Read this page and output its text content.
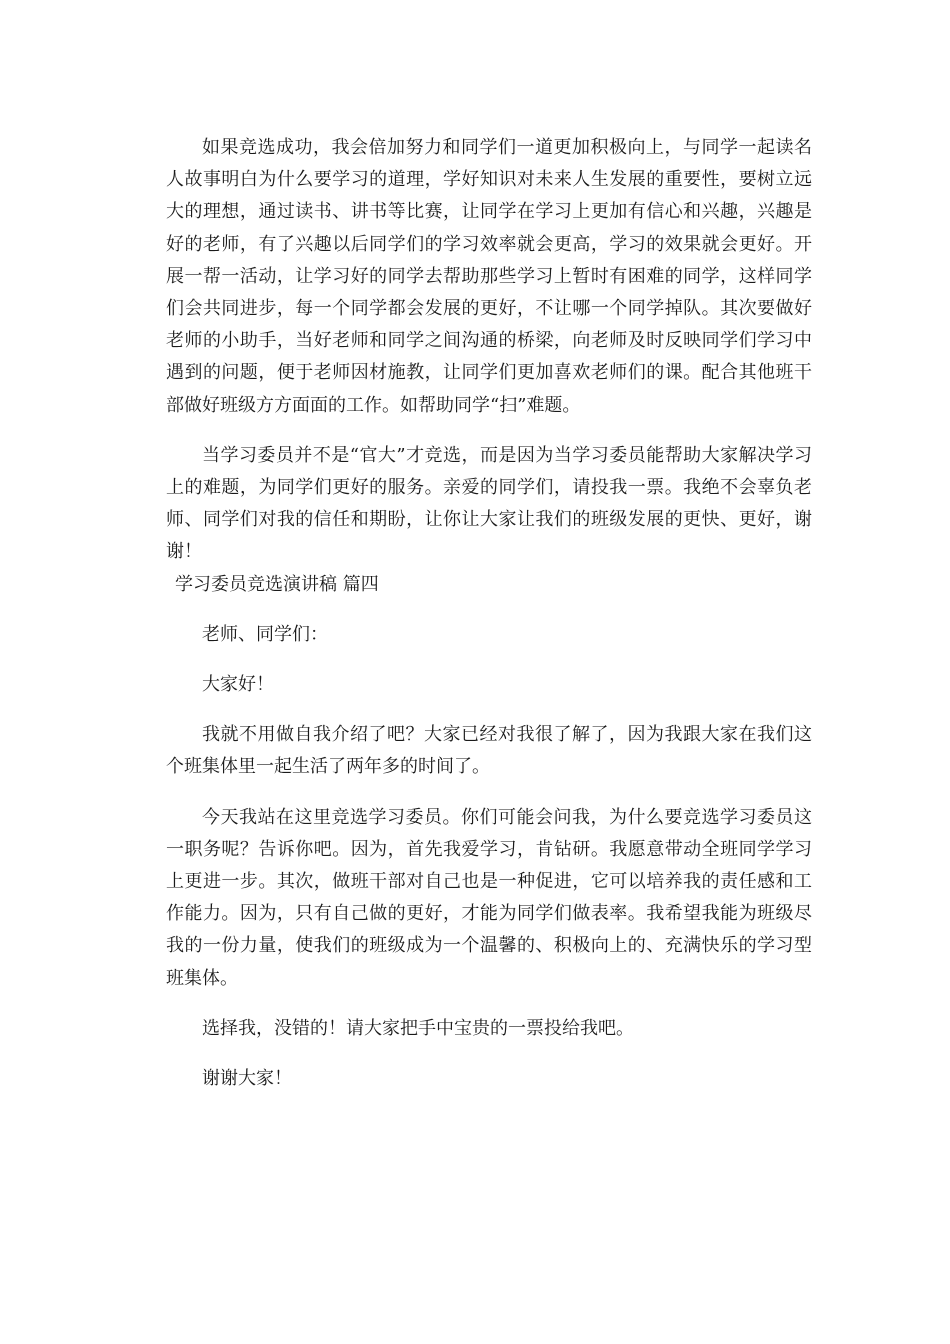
如果竞选成功，我会倍加努力和同学们一道更加积极向上，与同学一起读名人故事明白为什么要学习的道理，学好知识对未来人生发展的重要性，要树立远大的理想，通过读书、讲书等比赛，让同学在学习上更加有信心和兴趣，兴趣是好的老师，有了兴趣以后同学们的学习效率就会更高，学习的效果就会更好。开展一帮一活动，让学习好的同学去帮助那些学习上暂时有困难的同学，这样同学们会共同进步，每一个同学都会发展的更好，不让哪一个同学掉队。其次要做好老师的小助手，当好老师和同学之间沟通的桥梁，向老师及时反映同学们学习中遇到的问题，便于老师因材施教，让同学们更加喜欢老师们的课。配合其他班干部做好班级方方面面的工作。如帮助同学“扫”难题。

当学习委员并不是“官大”才竞选，而是因为当学习委员能帮助大家解决学习上的难题，为同学们更好的服务。亲爱的同学们，请投我一票。我绝不会辜负老师、同学们对我的信任和期盼，让你让大家让我们的班级发展的更快、更好，谢谢！

学习委员竞选演讲稿 篇四

老师、同学们：

大家好！

我就不用做自我介绍了吧？大家已经对我很了解了，因为我跟大家在我们这个班集体里一起生活了两年多的时间了。

今天我站在这里竞选学习委员。你们可能会问我，为什么要竞选学习委员这一职务呢？告诉你吧。因为，首先我爱学习，肯钻研。我愿意带动全班同学学习上更进一步。其次，做班干部对自己也是一种促进，它可以培养我的责任感和工作能力。因为，只有自己做的更好，才能为同学们做表率。我希望我能为班级尽我的一份力量，使我们的班级成为一个温馨的、积极向上的、充满快乐的学习型班集体。

选择我，没错的！请大家把手中宝贵的一票投给我吧。

谢谢大家！
